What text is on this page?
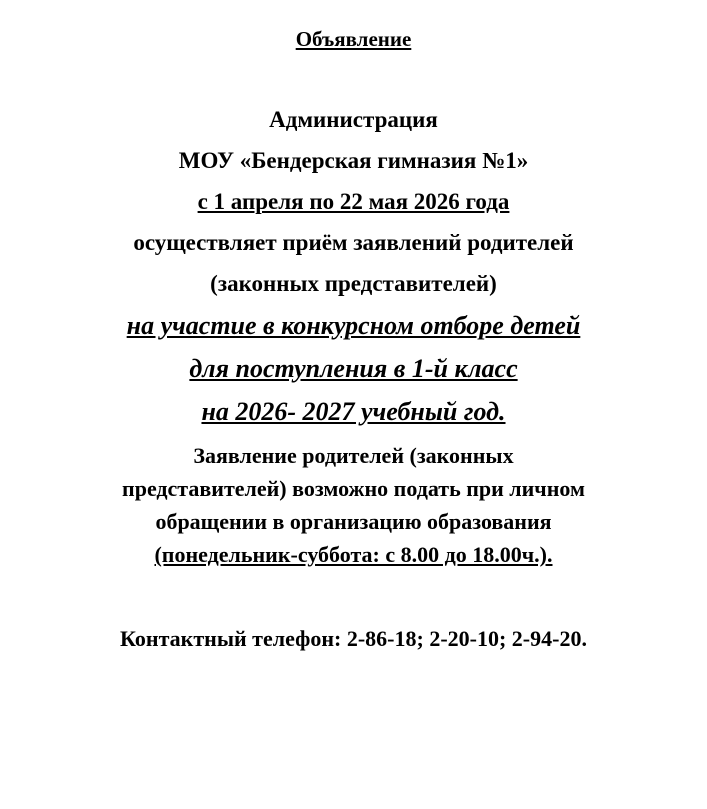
Объявление
Администрация
МОУ «Бендерская гимназия №1»
с 1 апреля по 22 мая 2026 года
осуществляет приём заявлений родителей
(законных представителей)
на участие в конкурсном отборе детей
для поступления в 1-й класс
на 2026- 2027 учебный год.
Заявление родителей (законных
представителей) возможно подать при личном
обращении в организацию образования
(понедельник-суббота: с 8.00 до 18.00ч.).
Контактный телефон: 2-86-18; 2-20-10; 2-94-20.
